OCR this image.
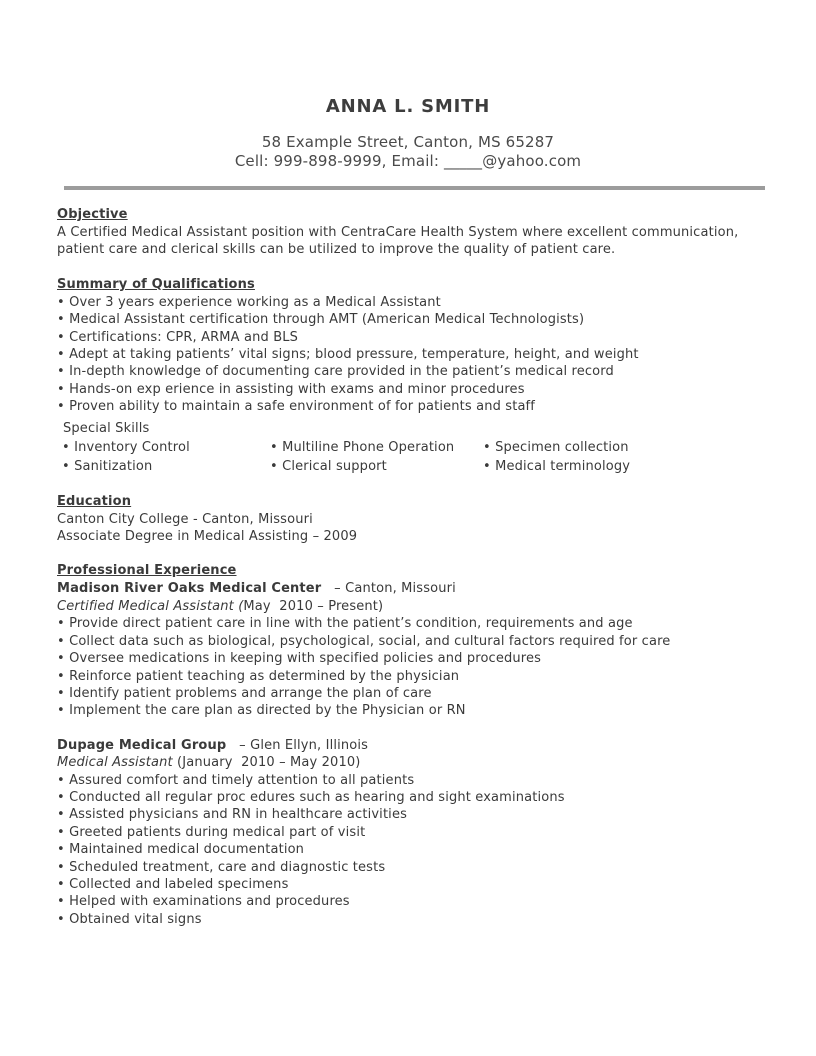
ANNA L. SMITH
58 Example Street, Canton, MS 65287
Cell: 999-898-9999, Email: _____@yahoo.com
Objective
A Certified Medical Assistant position with CentraCare Health System where excellent communication,
patient care and clerical skills can be utilized to improve the quality of patient care.
Summary of Qualifications
• Over 3 years experience working as a Medical Assistant
• Medical Assistant certification through AMT (American Medical Technologists)
• Certifications: CPR, ARMA and BLS
• Adept at taking patients’ vital signs; blood pressure, temperature, height, and weight
• In-depth knowledge of documenting care provided in the patient’s medical record
• Hands-on exp erience in assisting with exams and minor procedures
• Proven ability to maintain a safe environment of for patients and staff
Special Skills
• Inventory Control	• Multiline Phone Operation	• Specimen collection
• Sanitization	• Clerical support	• Medical terminology
Education
Canton City College - Canton, Missouri
Associate Degree in Medical Assisting – 2009
Professional Experience
Madison River Oaks Medical Center   – Canton, Missouri
Certified Medical Assistant (May  2010 – Present)
• Provide direct patient care in line with the patient’s condition, requirements and age
• Collect data such as biological, psychological, social, and cultural factors required for care
• Oversee medications in keeping with specified policies and procedures
• Reinforce patient teaching as determined by the physician
• Identify patient problems and arrange the plan of care
• Implement the care plan as directed by the Physician or RN
Dupage Medical Group   – Glen Ellyn, Illinois
Medical Assistant (January  2010 – May 2010)
• Assured comfort and timely attention to all patients
• Conducted all regular proc edures such as hearing and sight examinations
• Assisted physicians and RN in healthcare activities
• Greeted patients during medical part of visit
• Maintained medical documentation
• Scheduled treatment, care and diagnostic tests
• Collected and labeled specimens
• Helped with examinations and procedures
• Obtained vital signs
